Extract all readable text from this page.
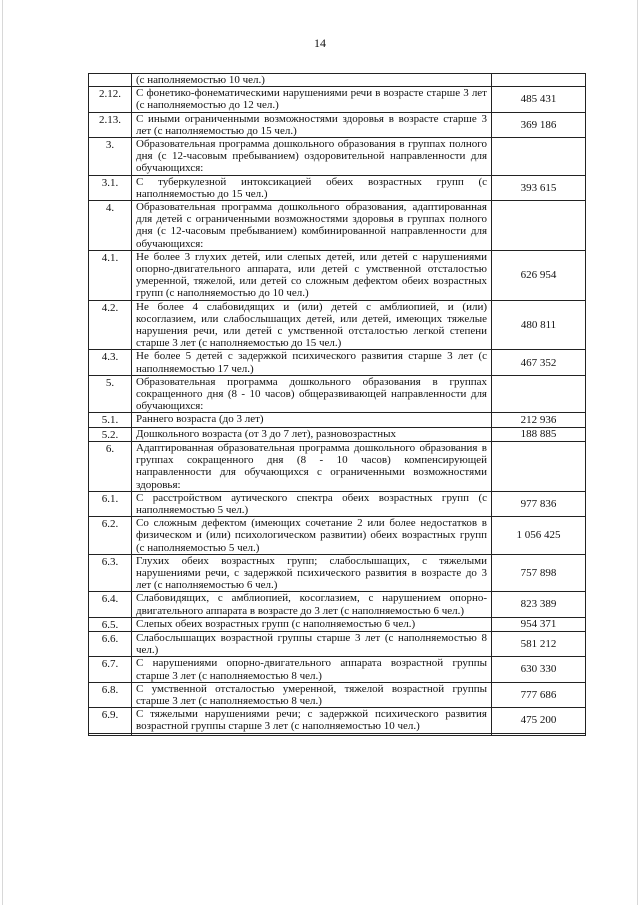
14
	(с наполняемостью 10 чел.)	
2.12.	С фонетико-фонематическими нарушениями речи в возрасте старше 3 лет (с наполняемостью до 12 чел.)	485 431
2.13.	С иными ограниченными возможностями здоровья в возрасте старше 3 лет (с наполняемостью до 15 чел.)	369 186
3.	Образовательная программа дошкольного образования в группах полного дня (с 12-часовым пребыванием) оздоровительной направленности для обучающихся:	
3.1.	С туберкулезной интоксикацией обеих возрастных групп (с наполняемостью до 15 чел.)	393 615
4.	Образовательная программа дошкольного образования, адаптированная для детей с ограниченными возможностями здоровья в группах полного дня (с 12-часовым пребыванием) комбинированной направленности для обучающихся:	
4.1.	Не более 3 глухих детей, или слепых детей, или детей с нарушениями опорно-двигательного аппарата, или детей с умственной отсталостью умеренной, тяжелой, или детей со сложным дефектом обеих возрастных групп (с наполняемостью до 10 чел.)	626 954
4.2.	Не более 4 слабовидящих и (или) детей с амблиопией, и (или) косоглазием, или слабослышащих детей, или детей, имеющих тяжелые нарушения речи, или детей с умственной отсталостью легкой степени старше 3 лет (с наполняемостью до 15 чел.)	480 811
4.3.	Не более 5 детей с задержкой психического развития старше 3 лет (с наполняемостью 17 чел.)	467 352
5.	Образовательная программа дошкольного образования в группах сокращенного дня (8 - 10 часов) общеразвивающей направленности для обучающихся:	
5.1.	Раннего возраста (до 3 лет)	212 936
5.2.	Дошкольного возраста (от 3 до 7 лет), разновозрастных	188 885
6.	Адаптированная образовательная программа дошкольного образования в группах сокращенного дня (8 - 10 часов) компенсирующей направленности для обучающихся с ограниченными возможностями здоровья:	
6.1.	С расстройством аутического спектра обеих возрастных групп (с наполняемостью 5 чел.)	977 836
6.2.	Со сложным дефектом (имеющих сочетание 2 или более недостатков в физическом и (или) психологическом развитии) обеих возрастных групп (с наполняемостью 5 чел.)	1 056 425
6.3.	Глухих обеих возрастных групп; слабослышащих, с тяжелыми нарушениями речи, с задержкой психического развития в возрасте до 3 лет (с наполняемостью 6 чел.)	757 898
6.4.	Слабовидящих, с амблиопией, косоглазием, с нарушением опорно-двигательного аппарата в возрасте до 3 лет (с наполняемостью 6 чел.)	823 389
6.5.	Слепых обеих возрастных групп (с наполняемостью 6 чел.)	954 371
6.6.	Слабослышащих возрастной группы старше 3 лет (с наполняемостью 8 чел.)	581 212
6.7.	С нарушениями опорно-двигательного аппарата возрастной группы старше 3 лет (с наполняемостью 8 чел.)	630 330
6.8.	С умственной отсталостью умеренной, тяжелой возрастной группы старше 3 лет (с наполняемостью 8 чел.)	777 686
6.9.	С тяжелыми нарушениями речи; с задержкой психического развития возрастной группы старше 3 лет (с наполняемостью 10 чел.)	475 200
